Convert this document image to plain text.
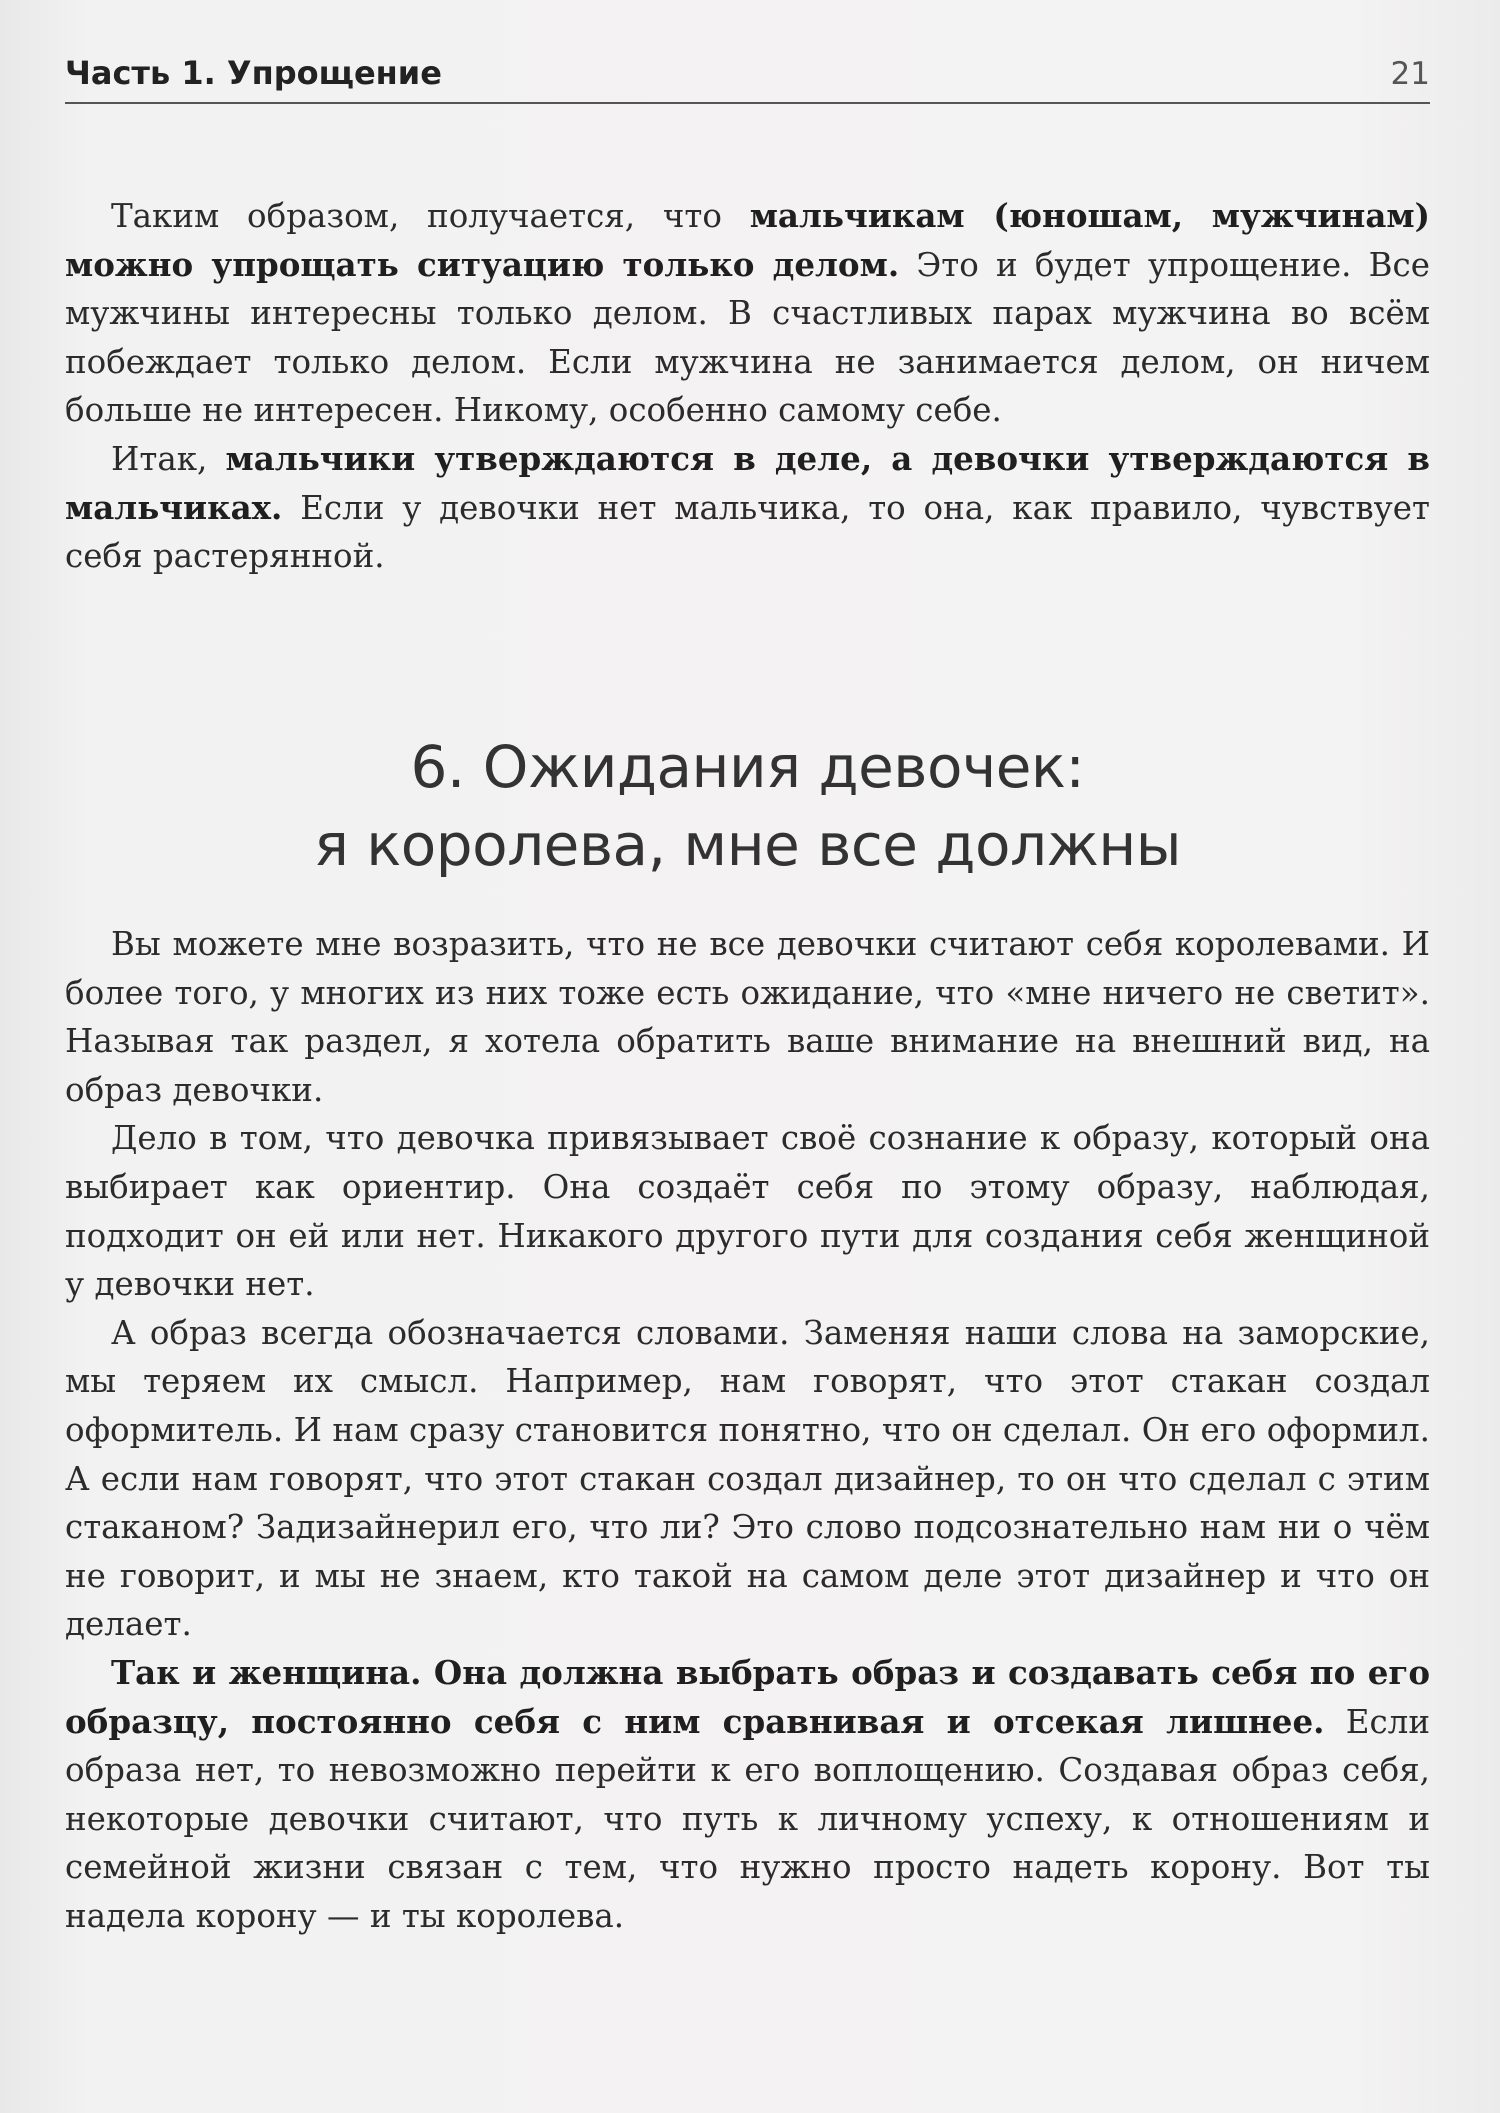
Часть 1. Упрощение	21

Таким образом, получается, что мальчикам (юношам, мужчинам) можно упрощать ситуацию только делом. Это и будет упрощение. Все мужчины интересны только делом. В счастливых парах мужчина во всём побеждает только делом. Если мужчина не занимается делом, он ничем больше не интересен. Никому, особенно самому себе.

Итак, мальчики утверждаются в деле, а девочки утверждаются в мальчиках. Если у девочки нет мальчика, то она, как правило, чувствует себя растерянной.

6. Ожидания девочек:
я королева, мне все должны

Вы можете мне возразить, что не все девочки считают себя королевами. И более того, у многих из них тоже есть ожидание, что «мне ничего не светит». Называя так раздел, я хотела обратить ваше внимание на внешний вид, на образ девочки.

Дело в том, что девочка привязывает своё сознание к образу, который она выбирает как ориентир. Она создаёт себя по этому образу, наблюдая, подходит он ей или нет. Никакого другого пути для создания себя женщиной у девочки нет.

А образ всегда обозначается словами. Заменяя наши слова на заморские, мы теряем их смысл. Например, нам говорят, что этот стакан создал оформитель. И нам сразу становится понятно, что он сделал. Он его оформил. А если нам говорят, что этот стакан создал дизайнер, то он что сделал с этим стаканом? Задизайнерил его, что ли? Это слово подсознательно нам ни о чём не говорит, и мы не знаем, кто такой на самом деле этот дизайнер и что он делает.

Так и женщина. Она должна выбрать образ и создавать себя по его образцу, постоянно себя с ним сравнивая и отсекая лишнее. Если образа нет, то невозможно перейти к его воплощению. Создавая образ себя, некоторые девочки считают, что путь к личному успеху, к отношениям и семейной жизни связан с тем, что нужно просто надеть корону. Вот ты надела корону — и ты королева.
